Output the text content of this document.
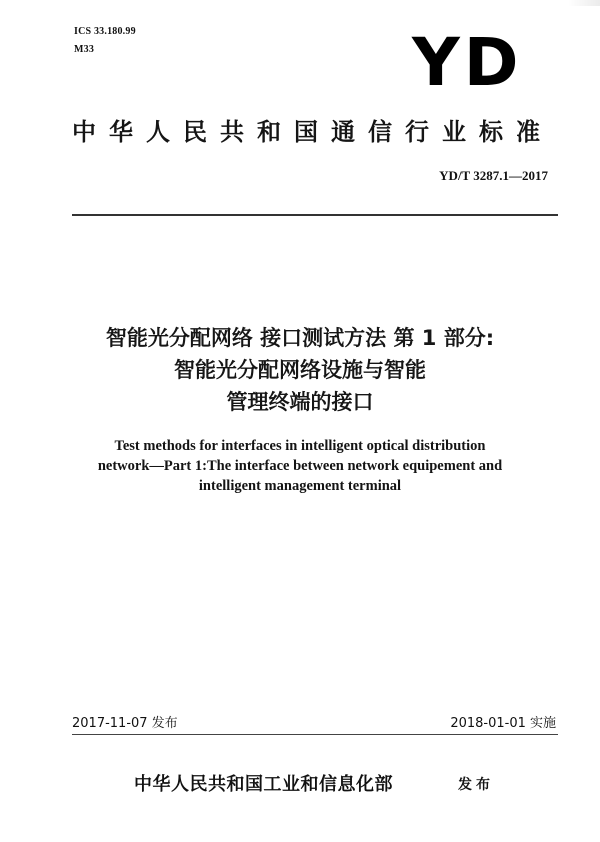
ICS 33.180.99

M33	YD
中华人民共和国通信行业标准
YD/T 3287.1—2017
智能光分配网络 接口测试方法 第 1 部分:
智能光分配网络设施与智能
管理终端的接口
Test methods for interfaces in intelligent optical distribution
network—Part 1:The interface between network equipement and
intelligent management terminal
2017-11-07 发布	2018-01-01 实施
中华人民共和国工业和信息化部	发布
